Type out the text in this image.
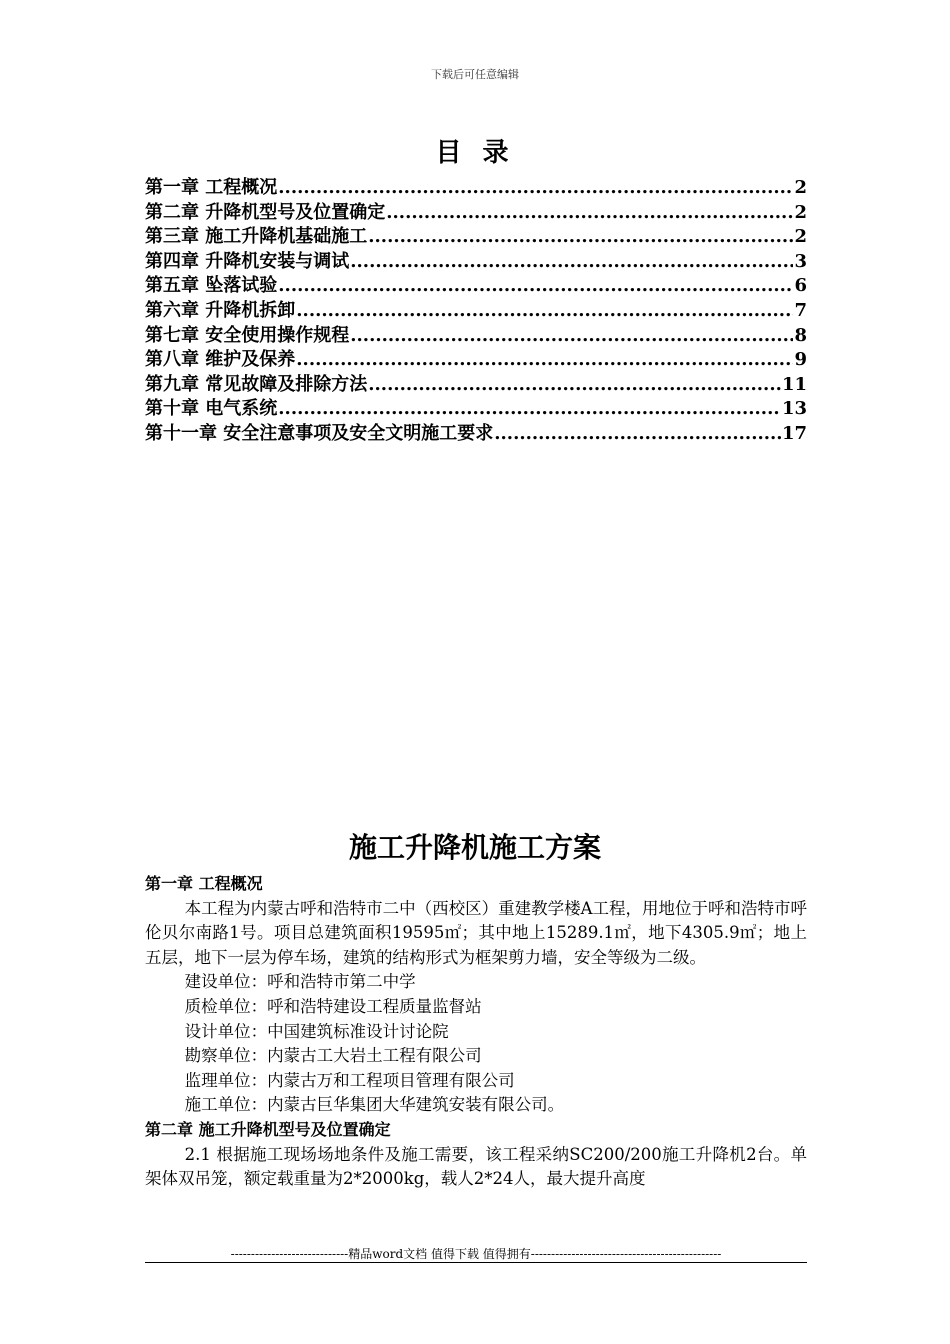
下载后可任意编辑
目 录
第一章 工程概况 .....	2
第二章 升降机型号及位置确定 .....	2
第三章 施工升降机基础施工 .....	2
第四章 升降机安装与调试 .....	3
第五章 坠落试验 .....	6
第六章 升降机拆卸 .....	7
第七章 安全使用操作规程 .....	8
第八章 维护及保养 .....	9
第九章 常见故障及排除方法 .....	11
第十章 电气系统 .....	13
第十一章 安全注意事项及安全文明施工要求 .....	17
施工升降机施工方案
第一章 工程概况

本工程为内蒙古呼和浩特市二中（西校区）重建教学楼A工程，用地位于呼和浩特市呼伦贝尔南路1号。项目总建筑面积19595㎡；其中地上15289.1㎡，地下4305.9㎡；地上五层，地下一层为停车场，建筑的结构形式为框架剪力墙，安全等级为二级。

建设单位：呼和浩特市第二中学
质检单位：呼和浩特建设工程质量监督站
设计单位：中国建筑标准设计讨论院
勘察单位：内蒙古工大岩土工程有限公司
监理单位：内蒙古万和工程项目管理有限公司
施工单位：内蒙古巨华集团大华建筑安装有限公司。
第二章 施工升降机型号及位置确定

2.1 根据施工现场场地条件及施工需要，该工程采纳SC200/200施工升降机2台。单架体双吊笼，额定载重量为2*2000kg，载人2*24人，最大提升高度

-----------------------------精品word文档 值得下载 值得拥有-----------------------------------------------
